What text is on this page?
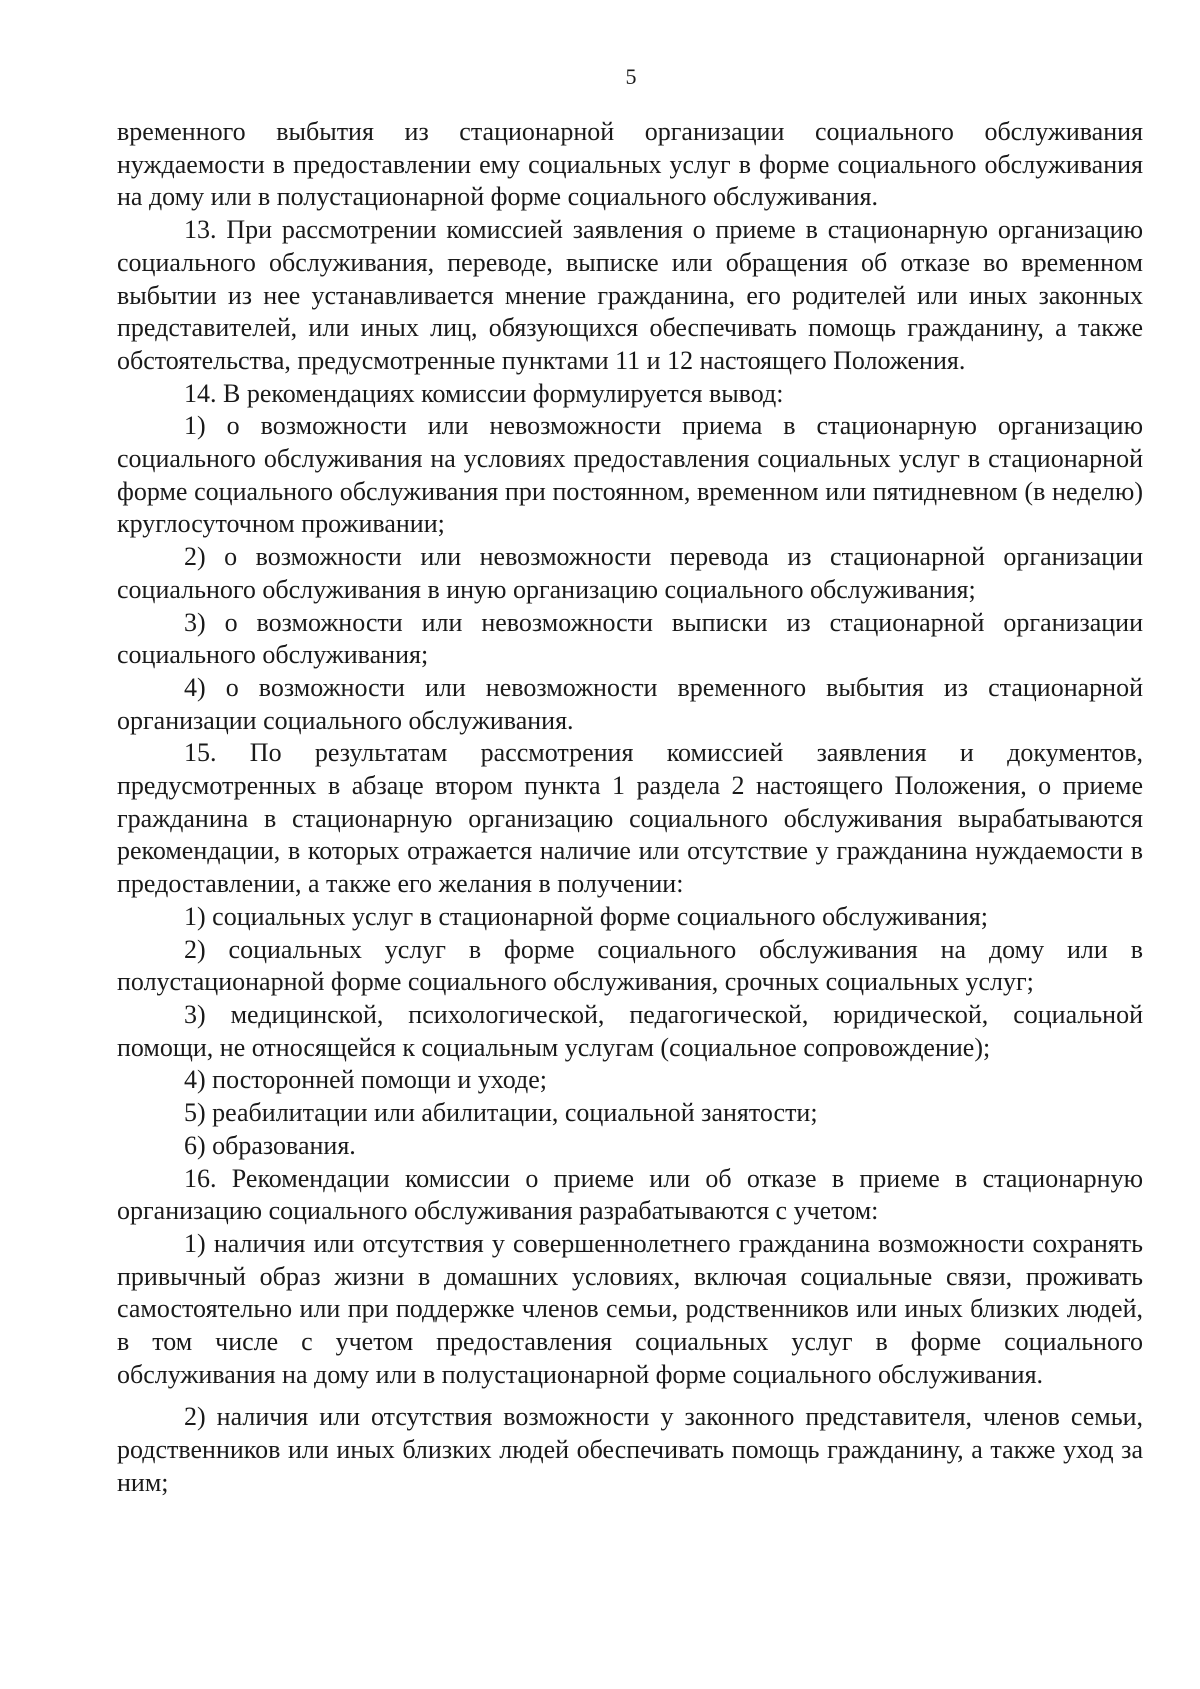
5

временного выбытия из стационарной организации социального обслуживания нуждаемости в предоставлении ему социальных услуг в форме социального обслуживания на дому или в полустационарной форме социального обслуживания.

13. При рассмотрении комиссией заявления о приеме в стационарную организацию социального обслуживания, переводе, выписке или обращения об отказе во временном выбытии из нее устанавливается мнение гражданина, его родителей или иных законных представителей, или иных лиц, обязующихся обеспечивать помощь гражданину, а также обстоятельства, предусмотренные пунктами 11 и 12 настоящего Положения.

14. В рекомендациях комиссии формулируется вывод:

1) о возможности или невозможности приема в стационарную организацию социального обслуживания на условиях предоставления социальных услуг в стационарной форме социального обслуживания при постоянном, временном или пятидневном (в неделю) круглосуточном проживании;

2) о возможности или невозможности перевода из стационарной организации социального обслуживания в иную организацию социального обслуживания;

3) о возможности или невозможности выписки из стационарной организации социального обслуживания;

4) о возможности или невозможности временного выбытия из стационарной организации социального обслуживания.

15. По результатам рассмотрения комиссией заявления и документов, предусмотренных в абзаце втором пункта 1 раздела 2 настоящего Положения, о приеме гражданина в стационарную организацию социального обслуживания вырабатываются рекомендации, в которых отражается наличие или отсутствие у гражданина нуждаемости в предоставлении, а также его желания в получении:

1) социальных услуг в стационарной форме социального обслуживания;

2) социальных услуг в форме социального обслуживания на дому или в полустационарной форме социального обслуживания, срочных социальных услуг;

3) медицинской, психологической, педагогической, юридической, социальной помощи, не относящейся к социальным услугам (социальное сопровождение);

4) посторонней помощи и уходе;

5) реабилитации или абилитации, социальной занятости;

6) образования.

16. Рекомендации комиссии о приеме или об отказе в приеме в стационарную организацию социального обслуживания разрабатываются с учетом:

1) наличия или отсутствия у совершеннолетнего гражданина возможности сохранять привычный образ жизни в домашних условиях, включая социальные связи, проживать самостоятельно или при поддержке членов семьи, родственников или иных близких людей, в том числе с учетом предоставления социальных услуг в форме социального обслуживания на дому или в полустационарной форме социального обслуживания.

2) наличия или отсутствия возможности у законного представителя, членов семьи, родственников или иных близких людей обеспечивать помощь гражданину, а также уход за ним;
